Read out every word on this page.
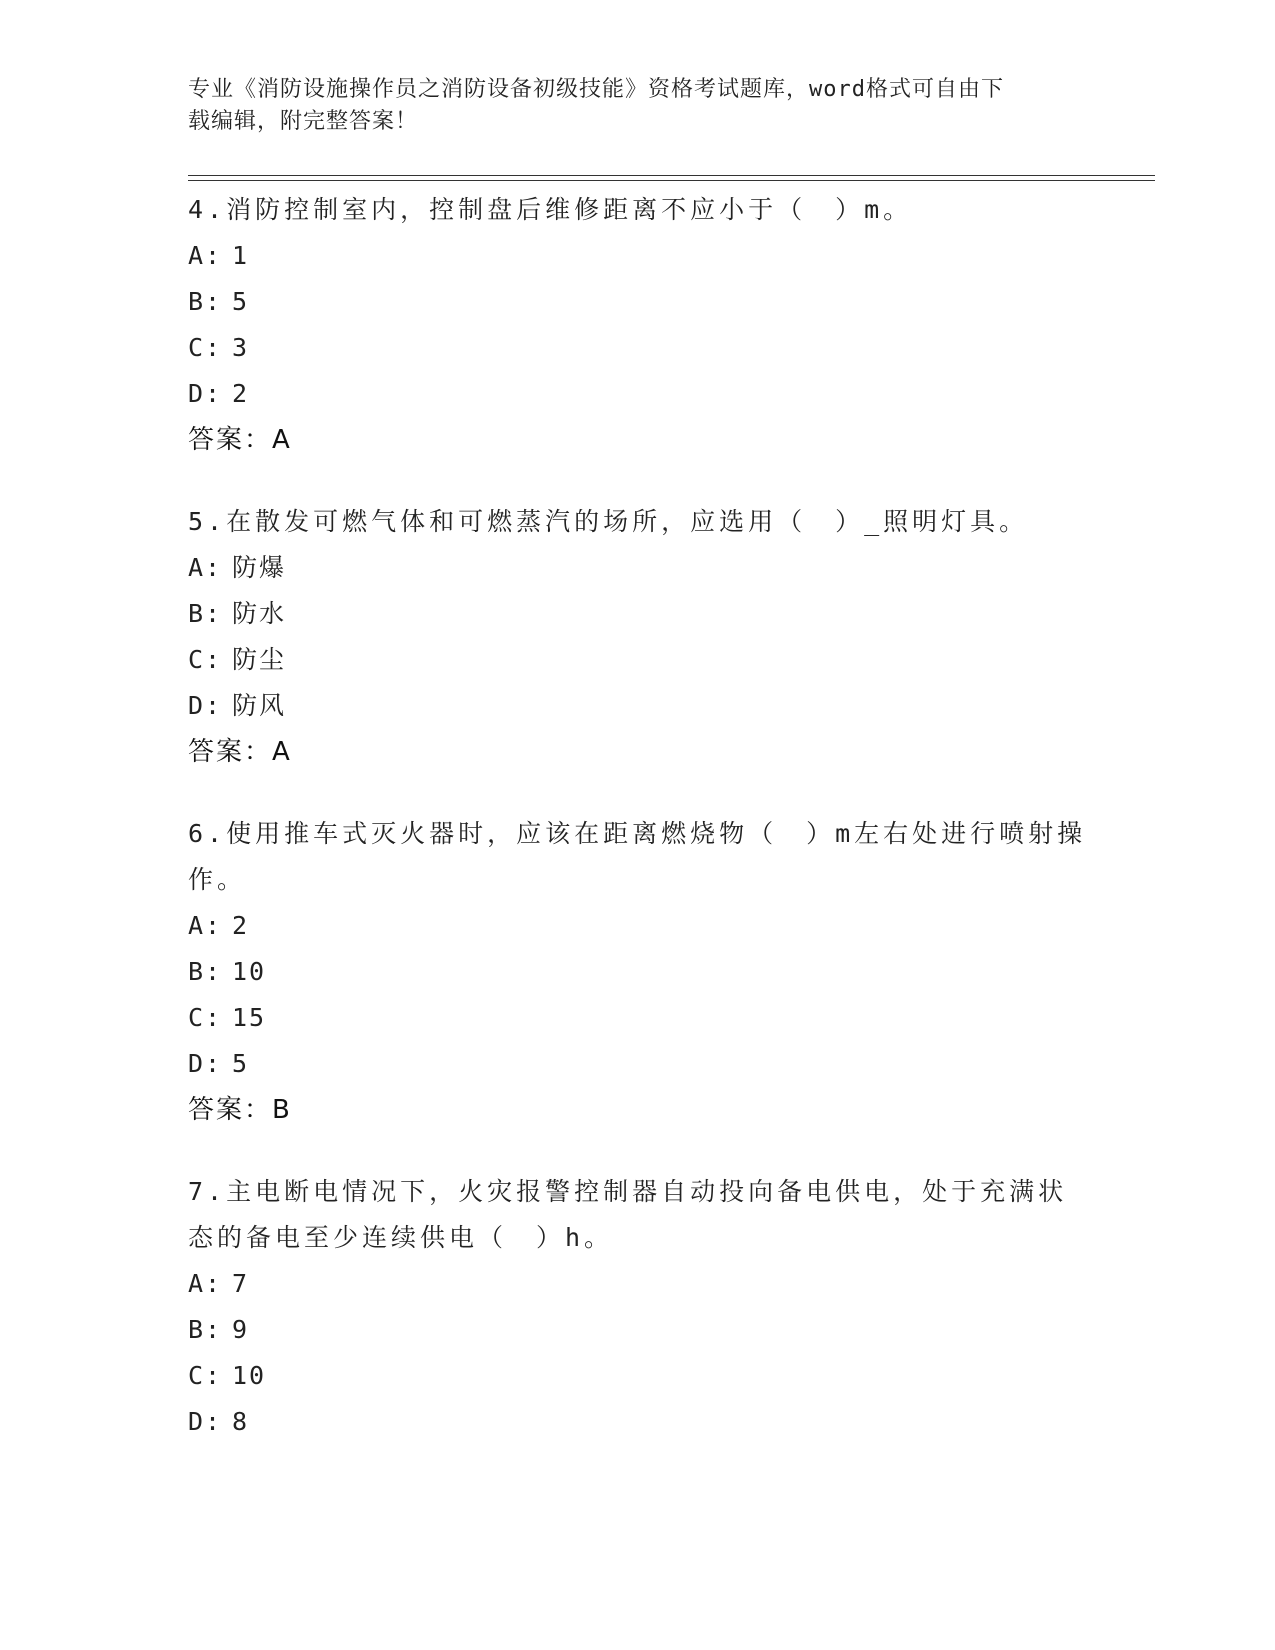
专业《消防设施操作员之消防设备初级技能》资格考试题库，word格式可自由下
载编辑，附完整答案！
4.消防控制室内，控制盘后维修距离不应小于（　）m。
A: 1
B: 5
C: 3
D: 2
答案：A
5.在散发可燃气体和可燃蒸汽的场所，应选用（　）_照明灯具。
A: 防爆
B: 防水
C: 防尘
D: 防风
答案：A
6.使用推车式灭火器时，应该在距离燃烧物（　）m左右处进行喷射操
作。
A: 2
B: 10
C: 15
D: 5
答案：B
7.主电断电情况下，火灾报警控制器自动投向备电供电，处于充满状
态的备电至少连续供电（　）h。
A: 7
B: 9
C: 10
D: 8
